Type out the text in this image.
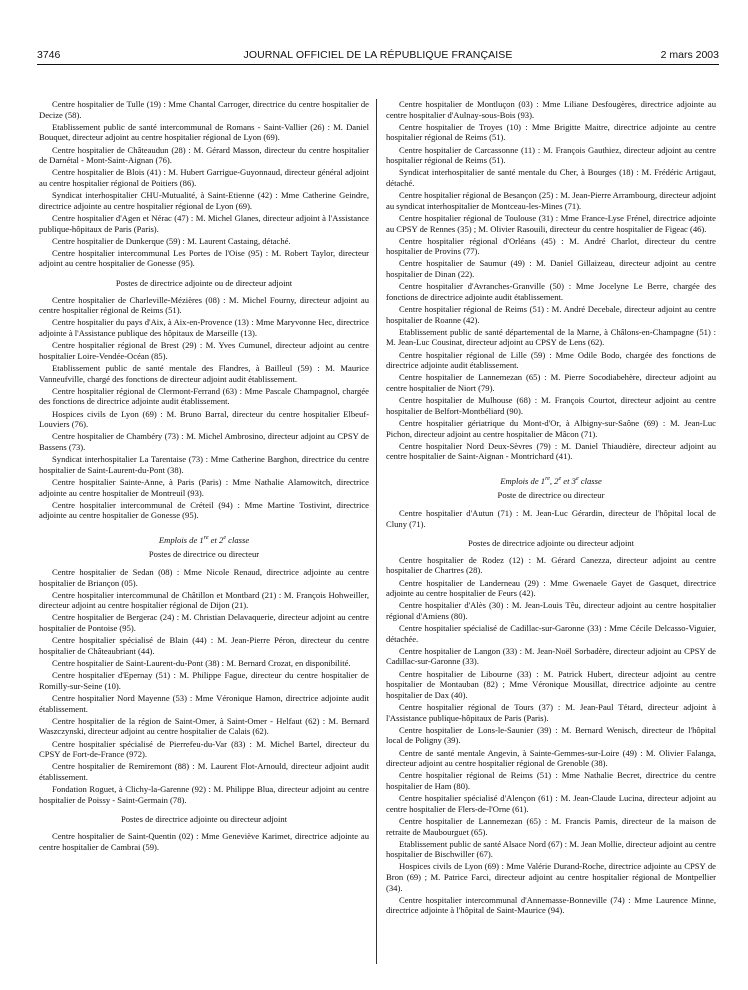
3746	JOURNAL OFFICIEL DE LA RÉPUBLIQUE FRANÇAISE	2 mars 2003

Centre hospitalier de Tulle (19) : Mme Chantal Carroger, directrice du centre hospitalier de Decize (58).

Etablissement public de santé intercommunal de Romans - Saint-Vallier (26) : M. Daniel Bouquet, directeur adjoint au centre hospitalier régional de Lyon (69).

Centre hospitalier de Châteaudun (28) : M. Gérard Masson, directeur du centre hospitalier de Darnétal - Mont-Saint-Aignan (76).

Centre hospitalier de Blois (41) : M. Hubert Garrigue-Guyonnaud, directeur général adjoint au centre hospitalier régional de Poitiers (86).

Syndicat interhospitalier CHU-Mutualité, à Saint-Etienne (42) : Mme Catherine Geindre, directrice adjointe au centre hospitalier régional de Lyon (69).

Centre hospitalier d'Agen et Nérac (47) : M. Michel Glanes, directeur adjoint à l'Assistance publique-hôpitaux de Paris (Paris).

Centre hospitalier de Dunkerque (59) : M. Laurent Castaing, détaché.

Centre hospitalier intercommunal Les Portes de l'Oise (95) : M. Robert Taylor, directeur adjoint au centre hospitalier de Gonesse (95).

Postes de directrice adjointe ou de directeur adjoint

Centre hospitalier de Charleville-Mézières (08) : M. Michel Fourny, directeur adjoint au centre hospitalier régional de Reims (51).

Centre hospitalier du pays d'Aix, à Aix-en-Provence (13) : Mme Maryvonne Hec, directrice adjointe à l'Assistance publique des hôpitaux de Marseille (13).

Centre hospitalier régional de Brest (29) : M. Yves Cumunel, directeur adjoint au centre hospitalier Loire-Vendée-Océan (85).

Etablissement public de santé mentale des Flandres, à Bailleul (59) : M. Maurice Vanneufville, chargé des fonctions de directeur adjoint audit établissement.

Centre hospitalier régional de Clermont-Ferrand (63) : Mme Pascale Champagnol, chargée des fonctions de directrice adjointe audit établissement.

Hospices civils de Lyon (69) : M. Bruno Barral, directeur du centre hospitalier Elbeuf-Louviers (76).

Centre hospitalier de Chambéry (73) : M. Michel Ambrosino, directeur adjoint au CPSY de Bassens (73).

Syndicat interhospitalier La Tarentaise (73) : Mme Catherine Barghon, directrice du centre hospitalier de Saint-Laurent-du-Pont (38).

Centre hospitalier Sainte-Anne, à Paris (Paris) : Mme Nathalie Alamowitch, directrice adjointe au centre hospitalier de Montreuil (93).

Centre hospitalier intercommunal de Créteil (94) : Mme Martine Tostivint, directrice adjointe au centre hospitalier de Gonesse (95).

Emplois de 1re et 2e classe

Postes de directrice ou directeur

Centre hospitalier de Sedan (08) : Mme Nicole Renaud, directrice adjointe au centre hospitalier de Briançon (05).

Centre hospitalier intercommunal de Châtillon et Montbard (21) : M. François Hohweiller, directeur adjoint au centre hospitalier régional de Dijon (21).

Centre hospitalier de Bergerac (24) : M. Christian Delavaquerie, directeur adjoint au centre hospitalier de Pontoise (95).

Centre hospitalier spécialisé de Blain (44) : M. Jean-Pierre Péron, directeur du centre hospitalier de Châteaubriant (44).

Centre hospitalier de Saint-Laurent-du-Pont (38) : M. Bernard Crozat, en disponibilité.

Centre hospitalier d'Epernay (51) : M. Philippe Fague, directeur du centre hospitalier de Romilly-sur-Seine (10).

Centre hospitalier Nord Mayenne (53) : Mme Véronique Hamon, directrice adjointe audit établissement.

Centre hospitalier de la région de Saint-Omer, à Saint-Omer - Helfaut (62) : M. Bernard Waszczynski, directeur adjoint au centre hospitalier de Calais (62).

Centre hospitalier spécialisé de Pierrefeu-du-Var (83) : M. Michel Bartel, directeur du CPSY de Fort-de-France (972).

Centre hospitalier de Remiremont (88) : M. Laurent Flot-Arnould, directeur adjoint audit établissement.

Fondation Roguet, à Clichy-la-Garenne (92) : M. Philippe Blua, directeur adjoint au centre hospitalier de Poissy - Saint-Germain (78).

Postes de directrice adjointe ou directeur adjoint

Centre hospitalier de Saint-Quentin (02) : Mme Geneviève Karimet, directrice adjointe au centre hospitalier de Cambrai (59).

Centre hospitalier de Montluçon (03) : Mme Liliane Desfougères, directrice adjointe au centre hospitalier d'Aulnay-sous-Bois (93).

Centre hospitalier de Troyes (10) : Mme Brigitte Maitre, directrice adjointe au centre hospitalier régional de Reims (51).

Centre hospitalier de Carcassonne (11) : M. François Gauthiez, directeur adjoint au centre hospitalier régional de Reims (51).

Syndicat interhospitalier de santé mentale du Cher, à Bourges (18) : M. Frédéric Artigaut, détaché.

Centre hospitalier régional de Besançon (25) : M. Jean-Pierre Arrambourg, directeur adjoint au syndicat interhospitalier de Montceau-les-Mines (71).

Centre hospitalier régional de Toulouse (31) : Mme France-Lyse Frénel, directrice adjointe au CPSY de Rennes (35) ; M. Olivier Rasouili, directeur du centre hospitalier de Figeac (46).

Centre hospitalier régional d'Orléans (45) : M. André Charlot, directeur du centre hospitalier de Provins (77).

Centre hospitalier de Saumur (49) : M. Daniel Gillaizeau, directeur adjoint au centre hospitalier de Dinan (22).

Centre hospitalier d'Avranches-Granville (50) : Mme Jocelyne Le Berre, chargée des fonctions de directrice adjointe audit établissement.

Centre hospitalier régional de Reims (51) : M. André Decebale, directeur adjoint au centre hospitalier de Roanne (42).

Etablissement public de santé départemental de la Marne, à Châlons-en-Champagne (51) : M. Jean-Luc Cousinat, directeur adjoint au CPSY de Lens (62).

Centre hospitalier régional de Lille (59) : Mme Odile Bodo, chargée des fonctions de directrice adjointe audit établissement.

Centre hospitalier de Lannemezan (65) : M. Pierre Socodiabehère, directeur adjoint au centre hospitalier de Niort (79).

Centre hospitalier de Mulhouse (68) : M. François Courtot, directeur adjoint au centre hospitalier de Belfort-Montbéliard (90).

Centre hospitalier gériatrique du Mont-d'Or, à Albigny-sur-Saône (69) : M. Jean-Luc Pichon, directeur adjoint au centre hospitalier de Mâcon (71).

Centre hospitalier Nord Deux-Sèvres (79) : M. Daniel Thiaudière, directeur adjoint au centre hospitalier de Saint-Aignan - Montrichard (41).

Emplois de 1re, 2e et 3e classe

Poste de directrice ou directeur

Centre hospitalier d'Autun (71) : M. Jean-Luc Gérardin, directeur de l'hôpital local de Cluny (71).

Postes de directrice adjointe ou directeur adjoint

Centre hospitalier de Rodez (12) : M. Gérard Canezza, directeur adjoint au centre hospitalier de Chartres (28).

Centre hospitalier de Landerneau (29) : Mme Gwenaele Gayet de Gasquet, directrice adjointe au centre hospitalier de Feurs (42).

Centre hospitalier d'Alès (30) : M. Jean-Louis Têu, directeur adjoint au centre hospitalier régional d'Amiens (80).

Centre hospitalier spécialisé de Cadillac-sur-Garonne (33) : Mme Cécile Delcasso-Viguier, détachée.

Centre hospitalier de Langon (33) : M. Jean-Noël Sorbadère, directeur adjoint au CPSY de Cadillac-sur-Garonne (33).

Centre hospitalier de Libourne (33) : M. Patrick Hubert, directeur adjoint au centre hospitalier de Montauban (82) ; Mme Véronique Mousillat, directrice adjointe au centre hospitalier de Dax (40).

Centre hospitalier régional de Tours (37) : M. Jean-Paul Tétard, directeur adjoint à l'Assistance publique-hôpitaux de Paris (Paris).

Centre hospitalier de Lons-le-Saunier (39) : M. Bernard Wenisch, directeur de l'hôpital local de Poligny (39).

Centre de santé mentale Angevin, à Sainte-Gemmes-sur-Loire (49) : M. Olivier Falanga, directeur adjoint au centre hospitalier régional de Grenoble (38).

Centre hospitalier régional de Reims (51) : Mme Nathalie Becret, directrice du centre hospitalier de Ham (80).

Centre hospitalier spécialisé d'Alençon (61) : M. Jean-Claude Lucina, directeur adjoint au centre hospitalier de Flers-de-l'Orne (61).

Centre hospitalier de Lannemezan (65) : M. Francis Pamis, directeur de la maison de retraite de Maubourguet (65).

Etablissement public de santé Alsace Nord (67) : M. Jean Mollie, directeur adjoint au centre hospitalier de Bischwiller (67).

Hospices civils de Lyon (69) : Mme Valérie Durand-Roche, directrice adjointe au CPSY de Bron (69) ; M. Patrice Farci, directeur adjoint au centre hospitalier régional de Montpellier (34).

Centre hospitalier intercommunal d'Annemasse-Bonneville (74) : Mme Laurence Minne, directrice adjointe à l'hôpital de Saint-Maurice (94).
